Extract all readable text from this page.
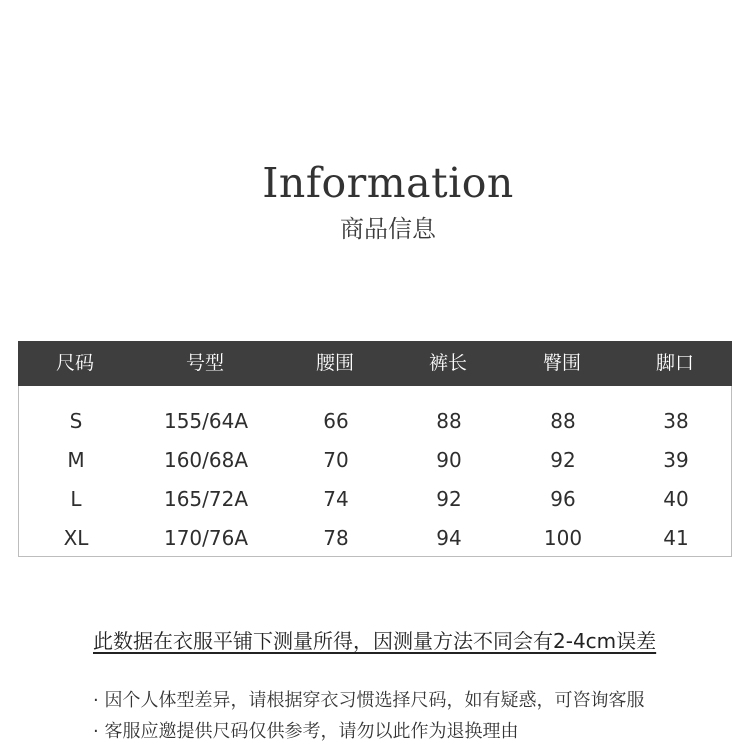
Information
商品信息
尺码	号型	腰围	裤长	臀围	脚口
S	155/64A	66	88	88	38
M	160/68A	70	90	92	39
L	165/72A	74	92	96	40
XL	170/76A	78	94	100	41
此数据在衣服平铺下测量所得，因测量方法不同会有2-4cm误差
· 因个人体型差异，请根据穿衣习惯选择尺码，如有疑惑，可咨询客服
· 客服应邀提供尺码仅供参考，请勿以此作为退换理由
